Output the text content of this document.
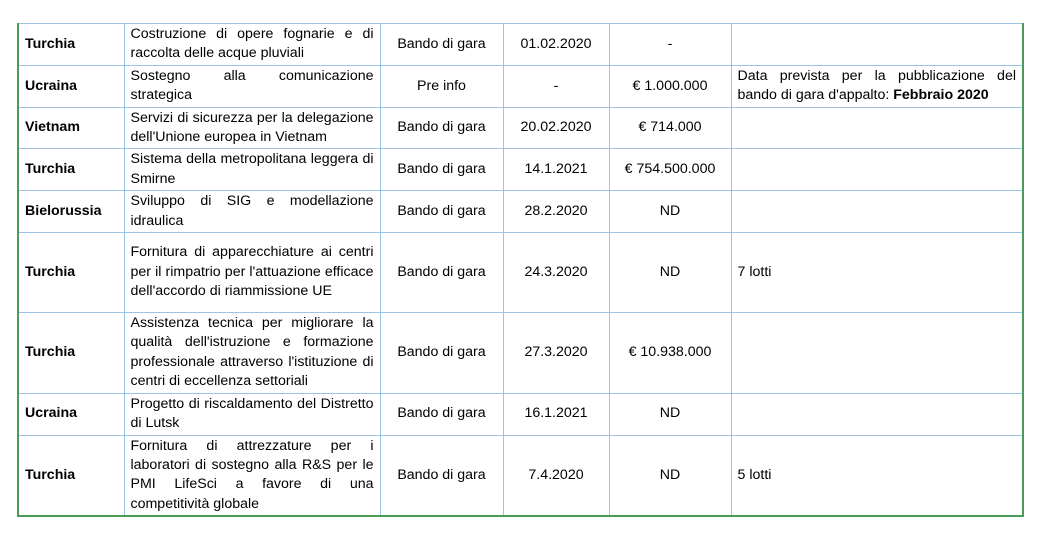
Turchia	Costruzione di opere fognarie e di raccolta delle acque pluviali	Bando di gara	01.02.2020	-	
Ucraina	Sostegno alla comunicazione strategica	Pre info	-	€ 1.000.000	Data prevista per la pubblicazione del bando di gara d'appalto: Febbraio 2020
Vietnam	Servizi di sicurezza per la delegazione dell'Unione europea in Vietnam	Bando di gara	20.02.2020	€ 714.000	
Turchia	Sistema della metropolitana leggera di Smirne	Bando di gara	14.1.2021	€ 754.500.000	
Bielorussia	Sviluppo di SIG e modellazione idraulica	Bando di gara	28.2.2020	ND	
Turchia	Fornitura di apparecchiature ai centri per il rimpatrio per l'attuazione efficace dell'accordo di riammissione UE	Bando di gara	24.3.2020	ND	7 lotti
Turchia	Assistenza tecnica per migliorare la qualità dell'istruzione e formazione professionale attraverso l'istituzione di centri di eccellenza settoriali	Bando di gara	27.3.2020	€ 10.938.000	
Ucraina	Progetto di riscaldamento del Distretto di Lutsk	Bando di gara	16.1.2021	ND	
Turchia	Fornitura di attrezzature per i laboratori di sostegno alla R&S per le PMI LifeSci a favore di una competitività globale	Bando di gara	7.4.2020	ND	5 lotti
